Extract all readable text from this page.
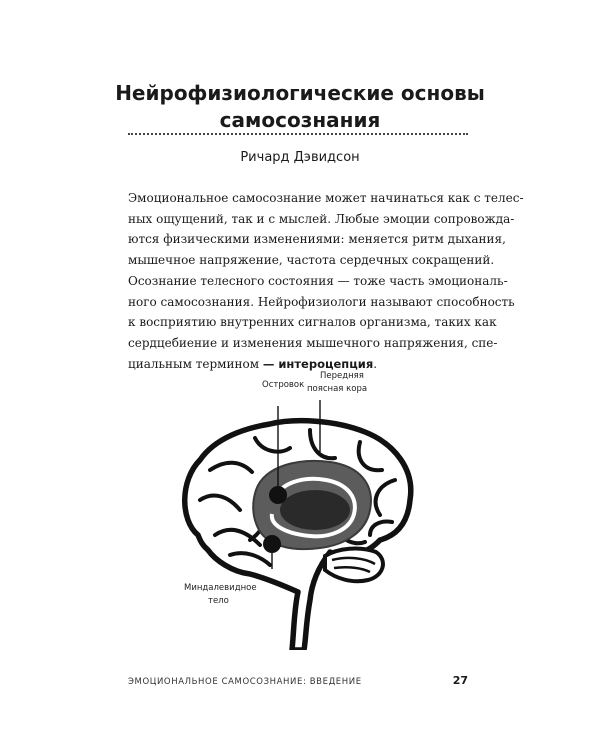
Нейрофизиологические основы
самосознания
Ричард Дэвидсон
Эмоциональное самосознание может начинаться как с телес-
ных ощущений, так и с мыслей. Любые эмоции сопровожда-
ются физическими изменениями: меняется ритм дыхания,
мышечное напряжение, частота сердечных сокращений.
Осознание телесного состояния — тоже часть эмоциональ-
ного самосознания. Нейрофизиологи называют способность
к восприятию внутренних сигналов организма, таких как
сердцебиение и изменения мышечного напряжения, спе-
циальным термином — интероцепция.
Островок
Передняя
поясная кора
Миндалевидное
тело
ЭМОЦИОНАЛЬНОЕ САМОСОЗНАНИЕ: ВВЕДЕНИЕ	27
